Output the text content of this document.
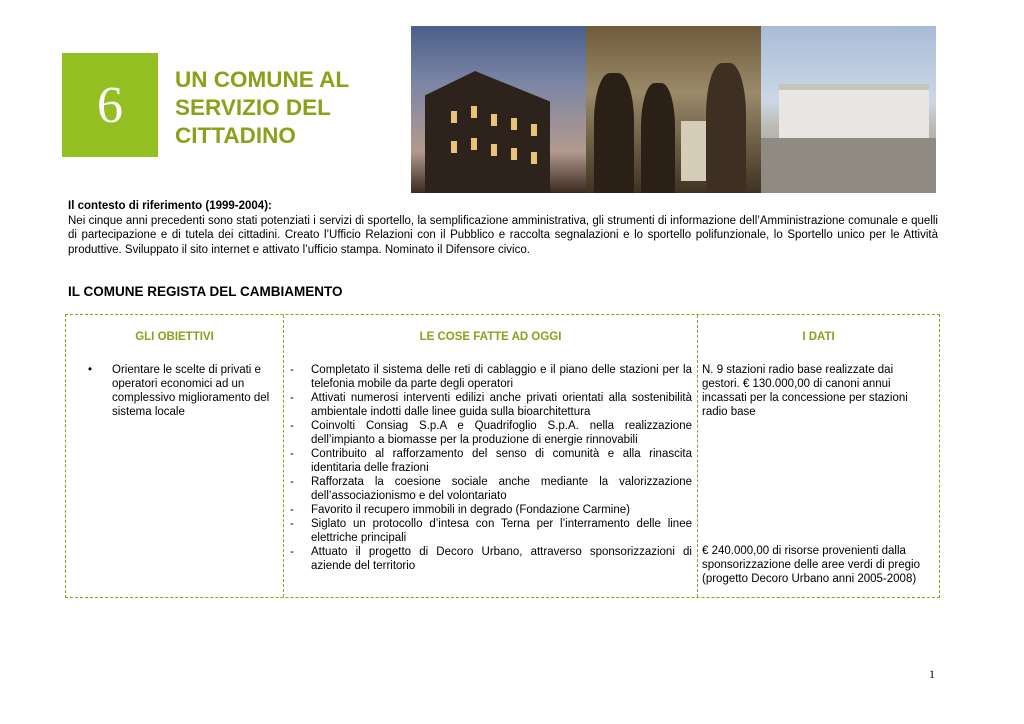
6 UN COMUNE AL
SERVIZIO DEL
CITTADINO
Il contesto di riferimento (1999-2004):
Nei cinque anni precedenti sono stati potenziati i servizi di sportello, la semplificazione amministrativa, gli strumenti di informazione dell’Amministrazione comunale e quelli di partecipazione e di tutela dei cittadini. Creato l’Ufficio Relazioni con il Pubblico e raccolta segnalazioni e lo sportello polifunzionale, lo Sportello unico per le Attività produttive. Sviluppato il sito internet e attivato l’ufficio stampa. Nominato il Difensore civico.
IL COMUNE REGISTA DEL CAMBIAMENTO
GLI OBIETTIVI
• Orientare le scelte di privati e operatori economici ad un complessivo miglioramento del sistema locale
LE COSE FATTE AD OGGI
- Completato il sistema delle reti di cablaggio e il piano delle stazioni per la telefonia mobile da parte degli operatori
- Attivati numerosi interventi edilizi anche privati orientati alla sostenibilità ambientale indotti dalle linee guida sulla bioarchitettura
- Coinvolti Consiag S.p.A e Quadrifoglio S.p.A. nella realizzazione dell’impianto a biomasse per la produzione di energie rinnovabili
- Contribuito al rafforzamento del senso di comunità e alla rinascita identitaria delle frazioni
- Rafforzata la coesione sociale anche mediante la valorizzazione dell’associazionismo e del volontariato
- Favorito il recupero immobili in degrado (Fondazione Carmine)
- Siglato un protocollo d’intesa con Terna per l’interramento delle linee elettriche principali
- Attuato il progetto di Decoro Urbano, attraverso sponsorizzazioni di aziende del territorio
I DATI
N. 9 stazioni radio base realizzate dai gestori. € 130.000,00 di canoni annui incassati per la concessione per stazioni radio base
€ 240.000,00 di risorse provenienti dalla sponsorizzazione delle aree verdi di pregio (progetto Decoro Urbano anni 2005-2008)
1
